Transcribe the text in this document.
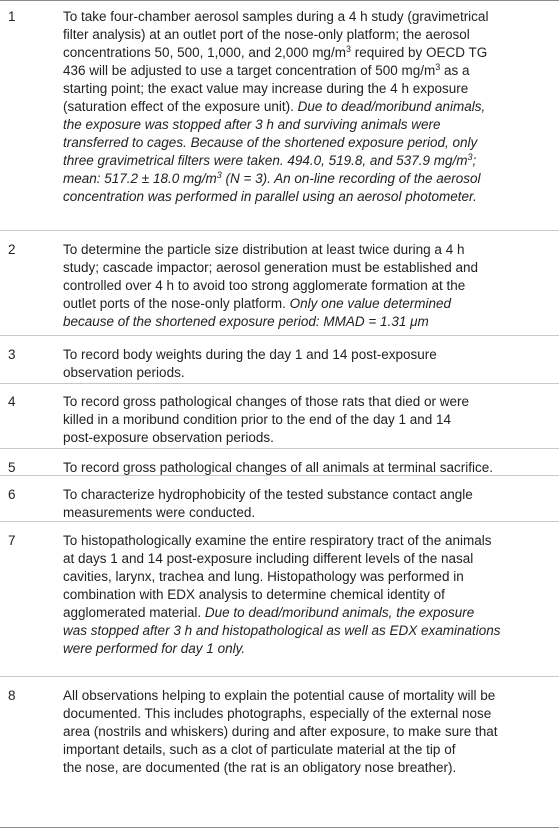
1	To take four-chamber aerosol samples during a 4 h study (gravimetrical
filter analysis) at an outlet port of the nose-only platform; the aerosol
concentrations 50, 500, 1,000, and 2,000 $mg/m^3$ required by OECD TG
436 will be adjusted to use a target concentration of 500 $mg/m^3$ as a
starting point; the exact value may increase during the 4 h exposure
(saturation effect of the exposure unit). Due to dead/moribund animals,
the exposure was stopped after 3 h and surviving animals were
transferred to cages. Because of the shortened exposure period, only
three gravimetrical filters were taken. 494.0, 519.8, and 537.9 $mg/m^3$;
mean: 517.2 ± 18.0 $mg/m^3$ (N = 3). An on-line recording of the aerosol
concentration was performed in parallel using an aerosol photometer.
2	To determine the particle size distribution at least twice during a 4 h
study; cascade impactor; aerosol generation must be established and
controlled over 4 h to avoid too strong agglomerate formation at the
outlet ports of the nose-only platform. Only one value determined
because of the shortened exposure period: MMAD = 1.31 μm
3	To record body weights during the day 1 and 14 post-exposure
observation periods.
4	To record gross pathological changes of those rats that died or were
killed in a moribund condition prior to the end of the day 1 and 14
post-exposure observation periods.
5	To record gross pathological changes of all animals at terminal sacrifice.
6	To characterize hydrophobicity of the tested substance contact angle
measurements were conducted.
7	To histopathologically examine the entire respiratory tract of the animals
at days 1 and 14 post-exposure including different levels of the nasal
cavities, larynx, trachea and lung. Histopathology was performed in
combination with EDX analysis to determine chemical identity of
agglomerated material. Due to dead/moribund animals, the exposure
was stopped after 3 h and histopathological as well as EDX examinations
were performed for day 1 only.
8	All observations helping to explain the potential cause of mortality will be
documented. This includes photographs, especially of the external nose
area (nostrils and whiskers) during and after exposure, to make sure that
important details, such as a clot of particulate material at the tip of
the nose, are documented (the rat is an obligatory nose breather).
